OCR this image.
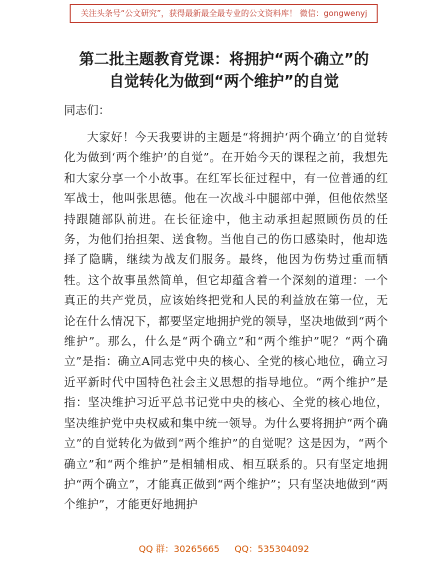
关注头条号“公文研究”，获得最新最全最专业的公文资料库！ 微信：gongwenyj
第二批主题教育党课：将拥护“两个确立”的
自觉转化为做到“两个维护”的自觉

同志们：

大家好！今天我要讲的主题是“将拥护‘两个确立’的自觉转化为做到‘两个维护’的自觉”。在开始今天的课程之前，我想先和大家分享一个小故事。在红军长征过程中，有一位普通的红军战士，他叫张思德。他在一次战斗中腿部中弹，但他依然坚持跟随部队前进。在长征途中，他主动承担起照顾伤员的任务，为他们抬担架、送食物。当他自己的伤口感染时，他却选择了隐瞒，继续为战友们服务。最终，他因为伤势过重而牺牲。这个故事虽然简单，但它却蕴含着一个深刻的道理：一个真正的共产党员，应该始终把党和人民的利益放在第一位，无论在什么情况下，都要坚定地拥护党的领导，坚决地做到“两个维护”。那么，什么是“两个确立”和“两个维护”呢？“两个确立”是指：确立A同志党中央的核心、全党的核心地位，确立习近平新时代中国特色社会主义思想的指导地位。“两个维护”是指：坚决维护习近平总书记党中央的核心、全党的核心地位，坚决维护党中央权威和集中统一领导。为什么要将拥护“两个确立”的自觉转化为做到“两个维护”的自觉呢？这是因为，“两个确立”和“两个维护”是相辅相成、相互联系的。只有坚定地拥护“两个确立”，才能真正做到“两个维护”；只有坚决地做到“两个维护”，才能更好地拥护

QQ 群：30265665 QQ：535304092
